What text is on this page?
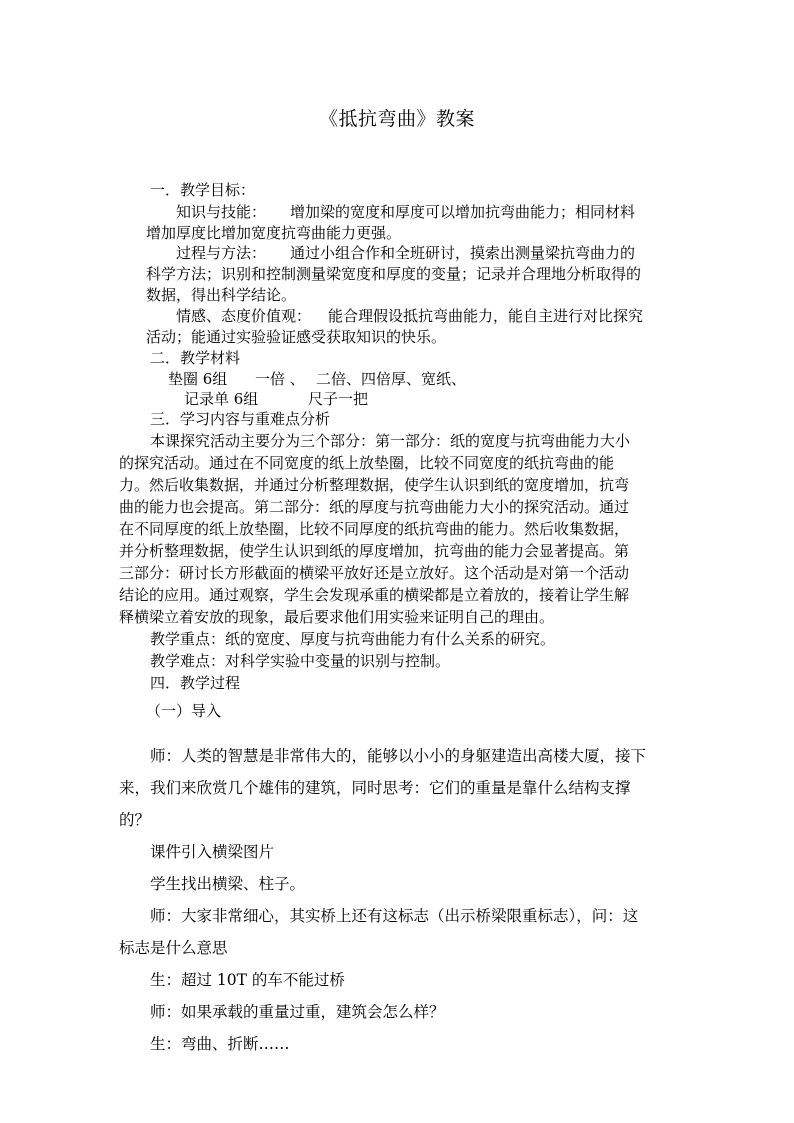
《抵抗弯曲》教案
一．教学目标：
知识与技能： 增加梁的宽度和厚度可以增加抗弯曲能力；相同材料
增加厚度比增加宽度抗弯曲能力更强。
过程与方法： 通过小组合作和全班研讨，摸索出测量梁抗弯曲力的
科学方法；识别和控制测量梁宽度和厚度的变量；记录并合理地分析取得的
数据，得出科学结论。
情感、态度价值观： 能合理假设抵抗弯曲能力，能自主进行对比探究
活动；能通过实验验证感受获取知识的快乐。
二．教学材料
垫圈 6组 一倍 、 二倍、四倍厚、宽纸、
记录单 6组	尺子一把
三．学习内容与重难点分析
本课探究活动主要分为三个部分：第一部分：纸的宽度与抗弯曲能力大小
的探究活动。通过在不同宽度的纸上放垫圈，比较不同宽度的纸抗弯曲的能
力。然后收集数据，并通过分析整理数据，使学生认识到纸的宽度增加，抗弯
曲的能力也会提高。第二部分：纸的厚度与抗弯曲能力大小的探究活动。通过
在不同厚度的纸上放垫圈，比较不同厚度的纸抗弯曲的能力。然后收集数据，
并分析整理数据，使学生认识到纸的厚度增加，抗弯曲的能力会显著提高。第
三部分：研讨长方形截面的横梁平放好还是立放好。这个活动是对第一个活动
结论的应用。通过观察，学生会发现承重的横梁都是立着放的，接着让学生解
释横梁立着安放的现象，最后要求他们用实验来证明自己的理由。
教学重点：纸的宽度、厚度与抗弯曲能力有什么关系的研究。
教学难点：对科学实验中变量的识别与控制。
四．教学过程
（一）导入
师：人类的智慧是非常伟大的，能够以小小的身躯建造出高楼大厦，接下
来，我们来欣赏几个雄伟的建筑，同时思考：它们的重量是靠什么结构支撑
的？
课件引入横梁图片
学生找出横梁、柱子。
师：大家非常细心，其实桥上还有这标志（出示桥梁限重标志），问：这
标志是什么意思
生：超过 10T 的车不能过桥
师：如果承载的重量过重，建筑会怎么样？
生：弯曲、折断……
